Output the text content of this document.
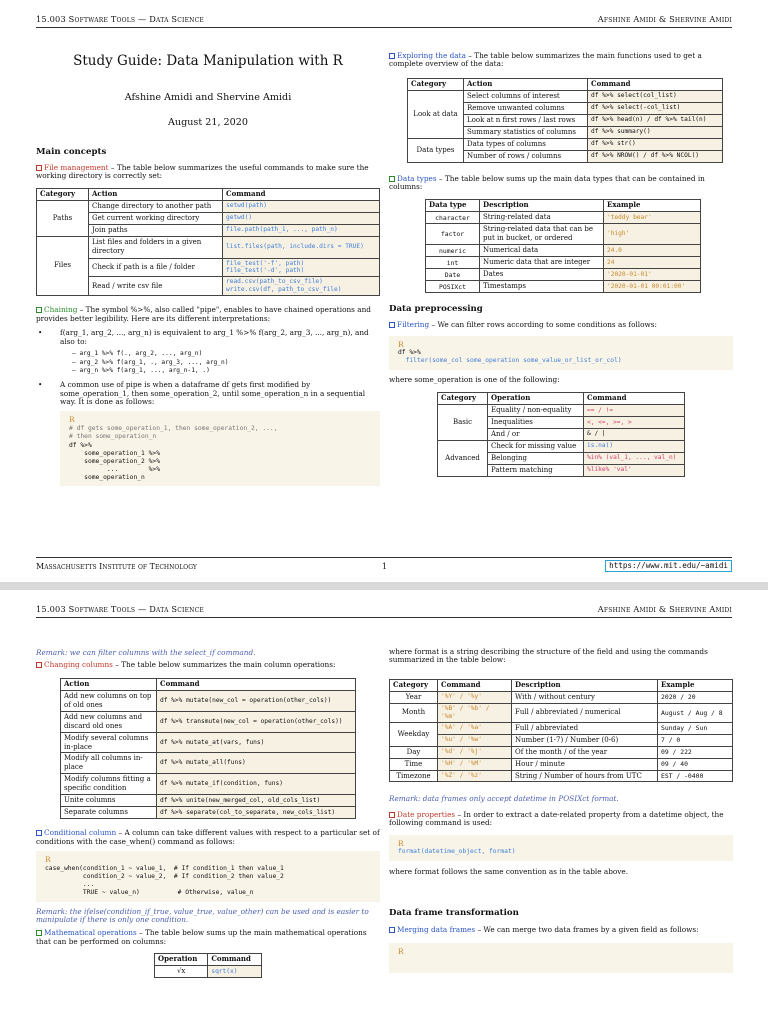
15.003 Software Tools — Data Science	Afshine Amidi & Shervine Amidi
Study Guide: Data Manipulation with R
Afshine Amidi and Shervine Amidi
August 21, 2020
Main concepts
File management – The table below summarizes the useful commands to make sure the working directory is correctly set:
Category	Action	Command
Paths	Change directory to another path	setwd(path)
	Get current working directory	getwd()
	Join paths	file.path(path_1, ..., path_n)
Files	List files and folders in a given directory	list.files(path, include.dirs = TRUE)
	Check if path is a file / folder	file_test('-f', path)
file_test('-d', path)

	Read / write csv file	read.csv(path_to_csv_file)
write.csv(df, path_to_csv_file)
Chaining – The symbol %>%, also called "pipe", enables to have chained operations and provides better legibility. Here are its different interpretations:
• f(arg_1, arg_2, ..., arg_n) is equivalent to arg_1 %>% f(arg_2, arg_3, ..., arg_n), and also to:
– arg_1 %>% f(., arg_2, ..., arg_n)
– arg_2 %>% f(arg_1, ., arg_3, ..., arg_n)
– arg_n %>% f(arg_1, ..., arg_n-1, .)
• A common use of pipe is when a dataframe df gets first modified by some_operation_1, then some_operation_2, until some_operation_n in a sequential way. It is done as follows:
R
# df gets some_operation_1, then some_operation_2, ...,
# then some_operation_n
df %>%
some_operation_1 %>%
some_operation_2 %>%
...        %>%
some_operation_n
Exploring the data – The table below summarizes the main functions used to get a complete overview of the data:
Category	Action	Command
Look at data	Select columns of interest	df %>% select(col_list)
	Remove unwanted columns	df %>% select(-col_list)
	Look at n first rows / last rows	df %>% head(n) / df %>% tail(n)
	Summary statistics of columns	df %>% summary()
Data types	Data types of columns	df %>% str()
	Number of rows / columns	df %>% NROW() / df %>% NCOL()
Data types – The table below sums up the main data types that can be contained in columns:
Data type	Description	Example
character	String-related data	'teddy bear'
factor	String-related data that can be put in bucket, or ordered	'high'
numeric	Numerical data	24.0
int	Numeric data that are integer	24
Date	Dates	'2020-01-01'
POSIXct	Timestamps	'2020-01-01 00:01:00'
Data preprocessing
Filtering – We can filter rows according to some conditions as follows:
R
df %>%
filter(some_col some_operation some_value_or_list_or_col)
where some_operation is one of the following:
Category	Operation	Command
Basic	Equality / non-equality	== / !=
	Inequalities	<, <=, >=, >
	And / or	& / |
Advanced	Check for missing value	is.na()
	Belonging	%in% (val_1, ..., val_n)
	Pattern matching	%like% 'val'
Massachusetts Institute of Technology	1	https://www.mit.edu/~amidi
15.003 Software Tools — Data Science	Afshine Amidi & Shervine Amidi
Remark: we can filter columns with the select_if command.
Changing columns – The table below summarizes the main column operations:
Action	Command
Add new columns on top of old ones	df %>% mutate(new_col = operation(other_cols))
Add new columns and discard old ones	df %>% transmute(new_col = operation(other_cols))
Modify several columns in-place	df %>% mutate_at(vars, funs)
Modify all columns in-place	df %>% mutate_all(funs)
Modify columns fitting a specific condition	df %>% mutate_if(condition, funs)
Unite columns	df %>% unite(new_merged_col, old_cols_list)
Separate columns	df %>% separate(col_to_separate, new_cols_list)
Conditional column – A column can take different values with respect to a particular set of conditions with the case_when() command as follows:
R
case_when(condition_1 ~ value_1,  # If condition_1 then value_1
condition_2 ~ value_2,  # If condition_2 then value_2
...
TRUE ~ value_n)          # Otherwise, value_n
Remark: the ifelse(condition_if_true, value_true, value_other) can be used and is easier to manipulate if there is only one condition.
Mathematical operations – The table below sums up the main mathematical operations that can be performed on columns:
Operation	Command
√x	sqrt(x)
where format is a string describing the structure of the field and using the commands summarized in the table below:
Category	Command	Description	Example
Year	'%Y' / '%y'	With / without century	2020 / 20
Month	'%B' / '%b' / '%m'	Full / abbreviated / numerical	August / Aug / 8
Weekday	'%A' / '%a'	Full / abbreviated	Sunday / Sun
	'%u' / '%w'	Number (1-7) / Number (0-6)	7 / 0
Day	'%d' / '%j'	Of the month / of the year	09 / 222
Time	'%H' / '%M'	Hour / minute	09 / 40
Timezone	'%Z' / '%z'	String / Number of hours from UTC	EST / -0400
Remark: data frames only accept datetime in POSIXct format.
Date properties – In order to extract a date-related property from a datetime object, the following command is used:
R
format(datetime_object, format)
where format follows the same convention as in the table above.
Data frame transformation
Merging data frames – We can merge two data frames by a given field as follows:
R
